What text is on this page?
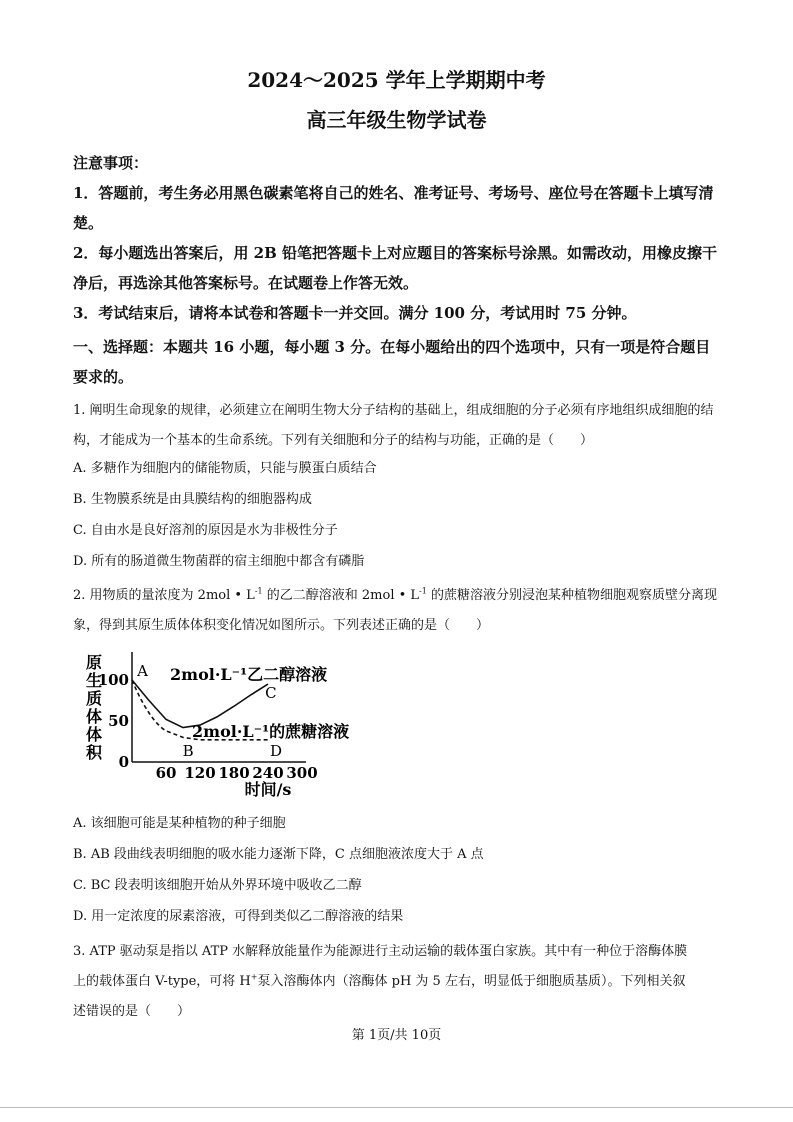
2024～2025 学年上学期期中考
高三年级生物学试卷
注意事项：
1．答题前，考生务必用黑色碳素笔将自己的姓名、准考证号、考场号、座位号在答题卡上填写清楚。
2．每小题选出答案后，用 2B 铅笔把答题卡上对应题目的答案标号涂黑。如需改动，用橡皮擦干净后，再选涂其他答案标号。在试题卷上作答无效。
3．考试结束后，请将本试卷和答题卡一并交回。满分 100 分，考试用时 75 分钟。
一、选择题：本题共 16 小题，每小题 3 分。在每小题给出的四个选项中，只有一项是符合题目要求的。
1. 阐明生命现象的规律，必须建立在阐明生物大分子结构的基础上，组成细胞的分子必须有序地组织成细胞的结构，才能成为一个基本的生命系统。下列有关细胞和分子的结构与功能，正确的是（　　）
A. 多糖作为细胞内的储能物质，只能与膜蛋白质结合
B. 生物膜系统是由具膜结构的细胞器构成
C. 自由水是良好溶剂的原因是水为非极性分子
D. 所有的肠道微生物菌群的宿主细胞中都含有磷脂
2. 用物质的量浓度为 2mol • $L^{-1}$ 的乙二醇溶液和 2mol • $L^{-1}$ 的蔗糖溶液分别浸泡某种植物细胞观察质壁分离现象，得到其原生质体体积变化情况如图所示。下列表述正确的是（　　）
原
生
质
体
体
积
100
50
0
60 120 180 240 300
时间/s
A
B
C
D
2mol·L⁻¹乙二醇溶液
2mol·L⁻¹的蔗糖溶液
A. 该细胞可能是某种植物的种子细胞
B. AB 段曲线表明细胞的吸水能力逐渐下降，C 点细胞液浓度大于 A 点
C. BC 段表明该细胞开始从外界环境中吸收乙二醇
D. 用一定浓度的尿素溶液，可得到类似乙二醇溶液的结果
3. ATP 驱动泵是指以 ATP 水解释放能量作为能源进行主动运输的载体蛋白家族。其中有一种位于溶酶体膜
上的载体蛋白 V-type，可将 H+泵入溶酶体内（溶酶体 pH 为 5 左右，明显低于细胞质基质）。下列相关叙
述错误的是（　　）
第 1页/共 10页
